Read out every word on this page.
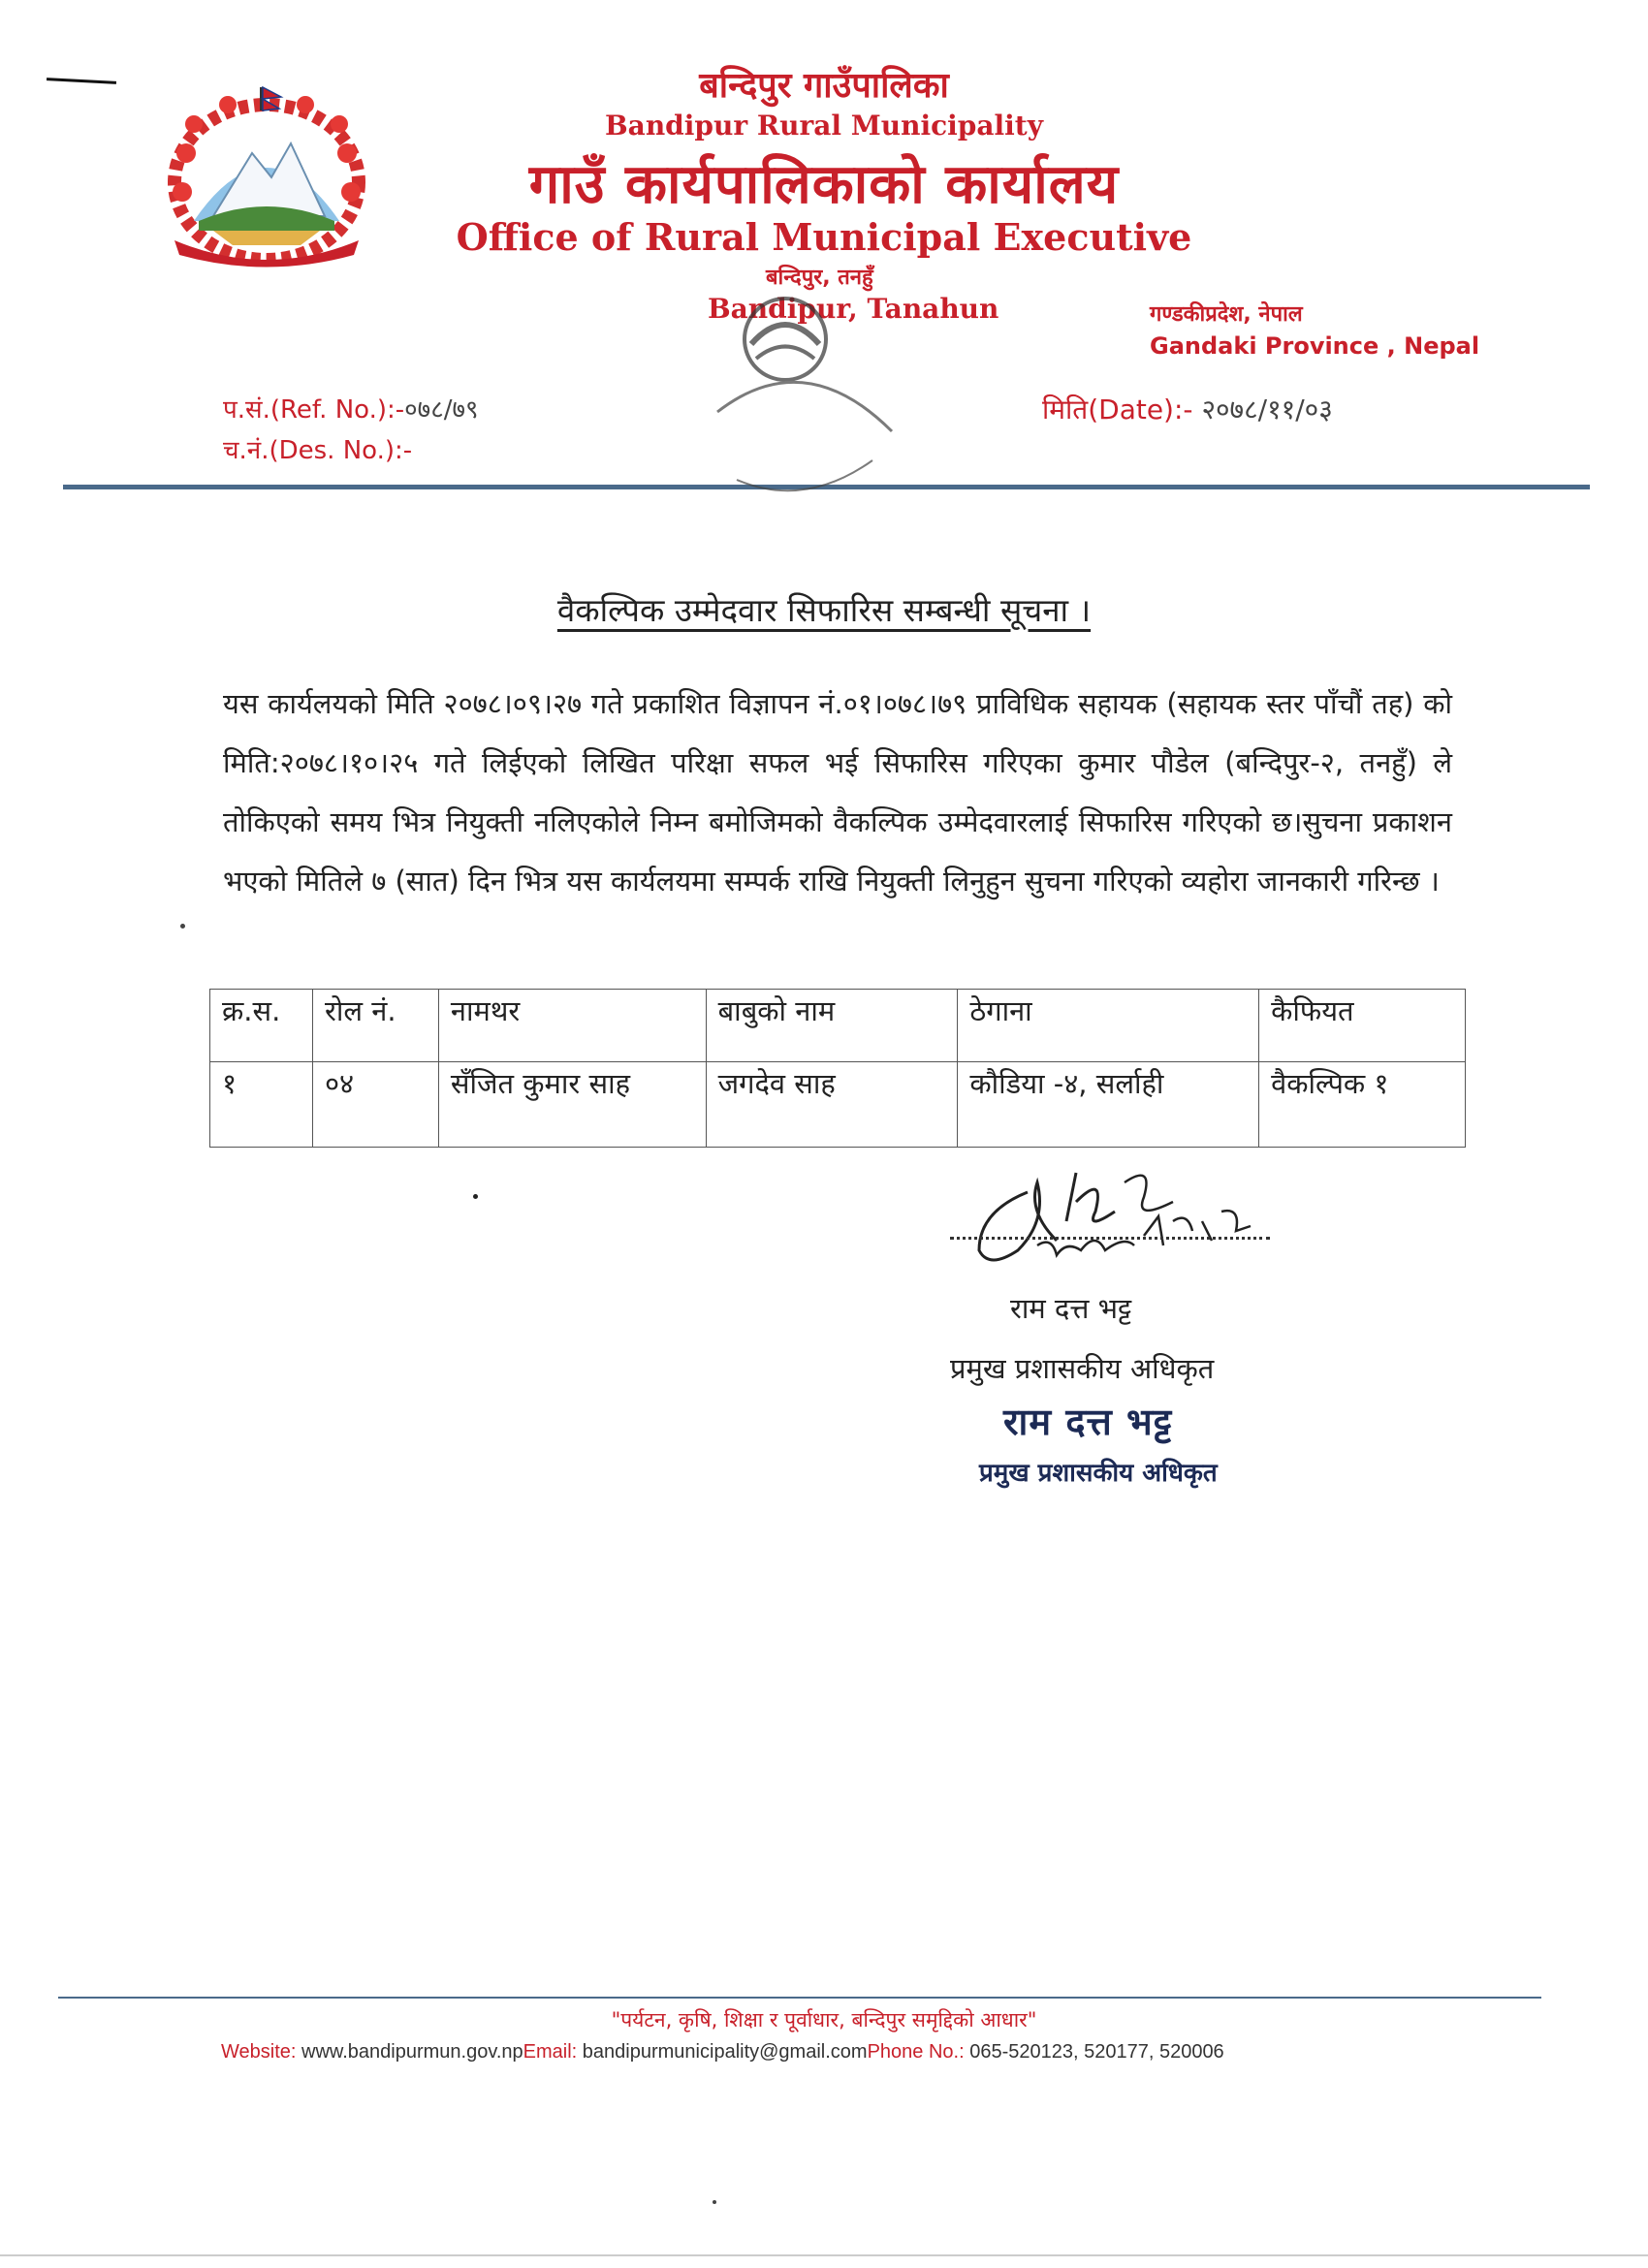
बन्दिपुर गाउँपालिका
Bandipur Rural Municipality
गाउँ कार्यपालिकाको कार्यालय
Office of Rural Municipal Executive
बन्दिपुर, तनहुँ
Bandipur, Tanahun	गण्डकीप्रदेश, नेपाल
Gandaki Province , Nepal
प.सं.(Ref. No.):-०७८/७९
च.नं.(Des. No.):-
मिति(Date):- २०७८/११/०३
वैकल्पिक उम्मेदवार सिफारिस सम्बन्धी सूचना ।
यस कार्यलयको मिति २०७८।०९।२७ गते प्रकाशित विज्ञापन नं.०१।०७८।७९ प्राविधिक सहायक (सहायक स्तर पाँचौं तह) को मिति:२०७८।१०।२५ गते लिईएको लिखित परिक्षा सफल भई सिफारिस गरिएका कुमार पौडेल (बन्दिपुर-२, तनहुँ) ले तोकिएको समय भित्र नियुक्ती नलिएकोले निम्न बमोजिमको वैकल्पिक उम्मेदवारलाई सिफारिस गरिएको छ।सुचना प्रकाशन भएको मितिले ७ (सात) दिन भित्र यस कार्यलयमा सम्पर्क राखि नियुक्ती लिनुहुन सुचना गरिएको व्यहोरा जानकारी गरिन्छ ।
क्र.स.	रोल नं.	नामथर	बाबुको नाम	ठेगाना	कैफियत
१	०४	सँजित कुमार साह	जगदेव साह	कौडिया -४, सर्लाही	वैकल्पिक १
राम दत्त भट्ट
प्रमुख प्रशासकीय अधिकृत
राम दत्त भट्ट
प्रमुख प्रशासकीय अधिकृत
"पर्यटन, कृषि, शिक्षा र पूर्वाधार, बन्दिपुर समृद्दिको आधार"
Website: www.bandipurmun.gov.npEmail: bandipurmunicipality@gmail.comPhone No.: 065-520123, 520177, 520006
